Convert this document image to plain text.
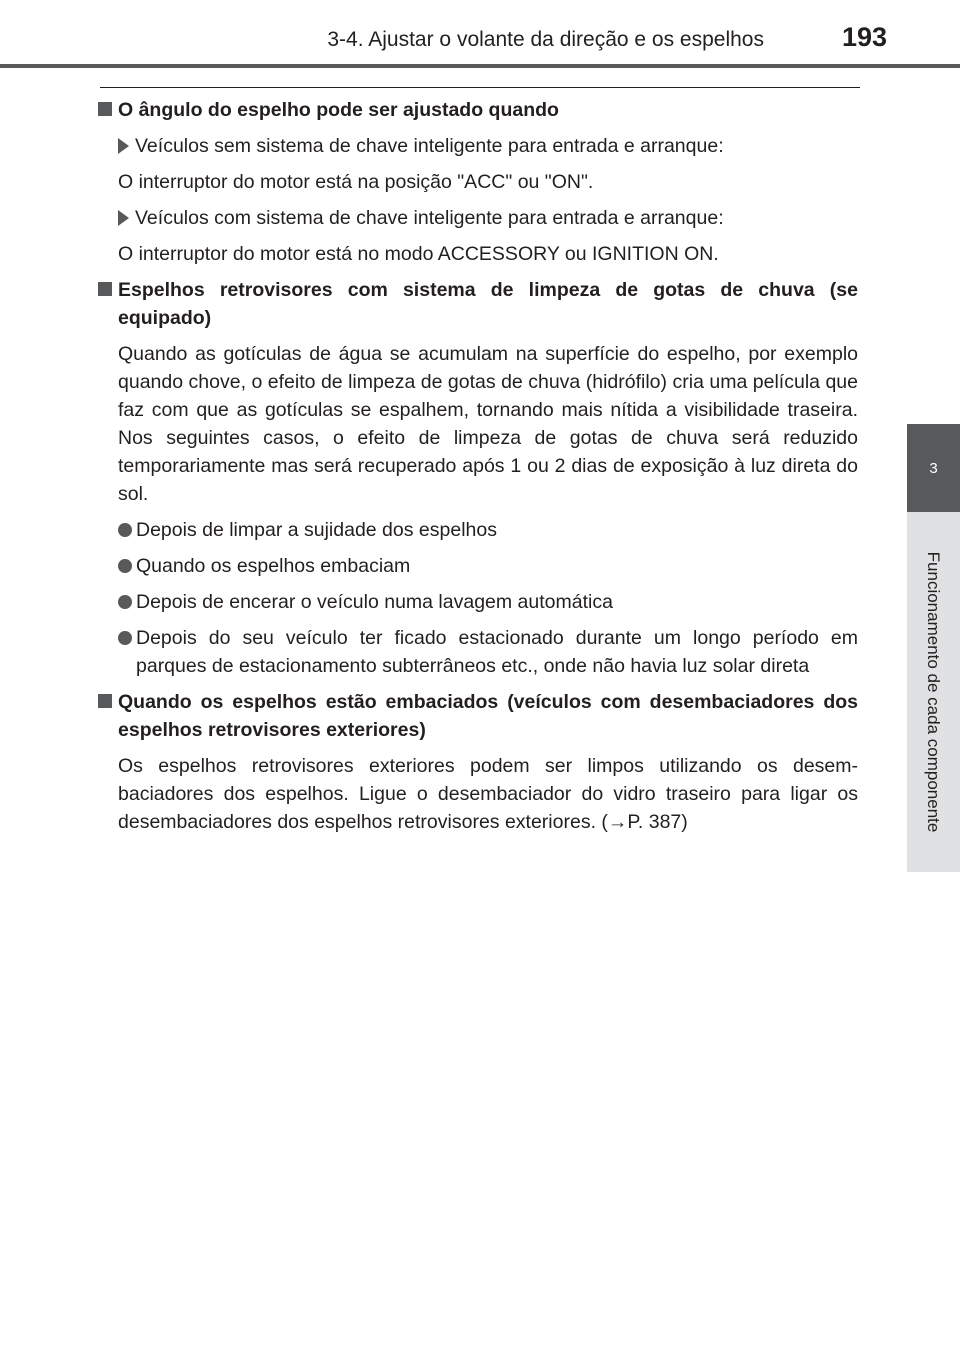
3-4. Ajustar o volante da direção e os espelhos	193
3
Funcionamento de cada componente
O ângulo do espelho pode ser ajustado quando
Veículos sem sistema de chave inteligente para entrada e arranque:
O interruptor do motor está na posição "ACC" ou "ON".
Veículos com sistema de chave inteligente para entrada e arranque:
O interruptor do motor está no modo ACCESSORY ou IGNITION ON.
Espelhos retrovisores com sistema de limpeza de gotas de chuva (se equipado)
Quando as gotículas de água se acumulam na superfície do espelho, por exemplo quando chove, o efeito de limpeza de gotas de chuva (hidrófilo) cria uma película que faz com que as gotículas se espalhem, tornando mais nítida a visibilidade traseira. Nos seguintes casos, o efeito de limpeza de gotas de chuva será reduzido temporariamente mas será recuperado após 1 ou 2 dias de exposição à luz direta do sol.
Depois de limpar a sujidade dos espelhos
Quando os espelhos embaciam
Depois de encerar o veículo numa lavagem automática
Depois do seu veículo ter ficado estacionado durante um longo período em parques de estacionamento subterrâneos etc., onde não havia luz solar direta
Quando os espelhos estão embaciados (veículos com desembaciadores dos espelhos retrovisores exteriores)
Os espelhos retrovisores exteriores podem ser limpos utilizando os desem-baciadores dos espelhos. Ligue o desembaciador do vidro traseiro para ligar os desembaciadores dos espelhos retrovisores exteriores. (→P. 387)
